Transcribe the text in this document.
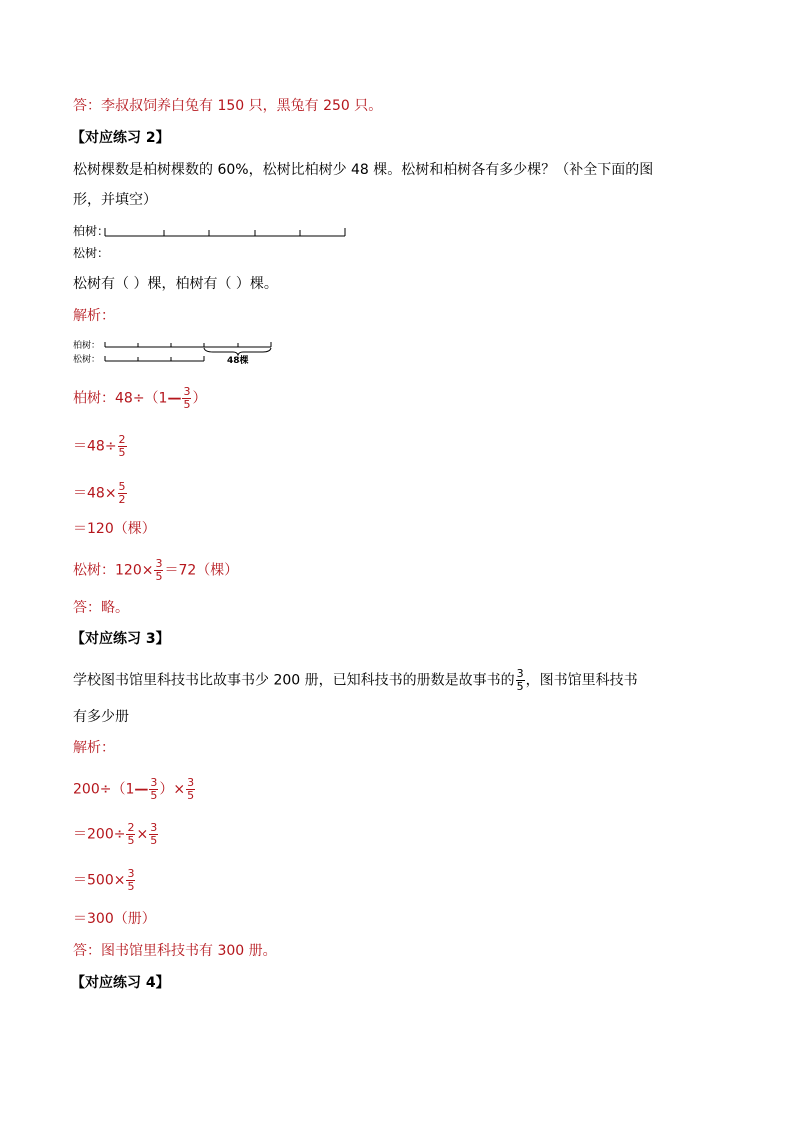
答：李叔叔饲养白兔有 150 只，黑兔有 250 只。
【对应练习 2】
松树棵数是柏树棵数的 60%，松树比柏树少 48 棵。松树和柏树各有多少棵？（补全下面的图
形，并填空）
柏树：
松树：
松树有（ ）棵，柏树有（ ）棵。
解析：
柏树：
松树：	48棵
柏树：48÷（1— $\frac{3}{5}$ ）
$=48\div \frac{2}{5}$
$=48\times \frac{5}{2}$
＝120（棵）
松树：$120\times \frac{3}{5} =72$（棵）
答：略。
【对应练习 3】
学校图书馆里科技书比故事书少 200 册，已知科技书的册数是故事书的 $\frac{3}{5}$ ，图书馆里科技书
有多少册
解析：
200÷（1— $\frac{3}{5}$ ）× $\frac{3}{5}$
$=200\div \frac{2}{5} \times \frac{3}{5}$
$=500\times \frac{3}{5}$
＝300（册）
答：图书馆里科技书有 300 册。
【对应练习 4】
